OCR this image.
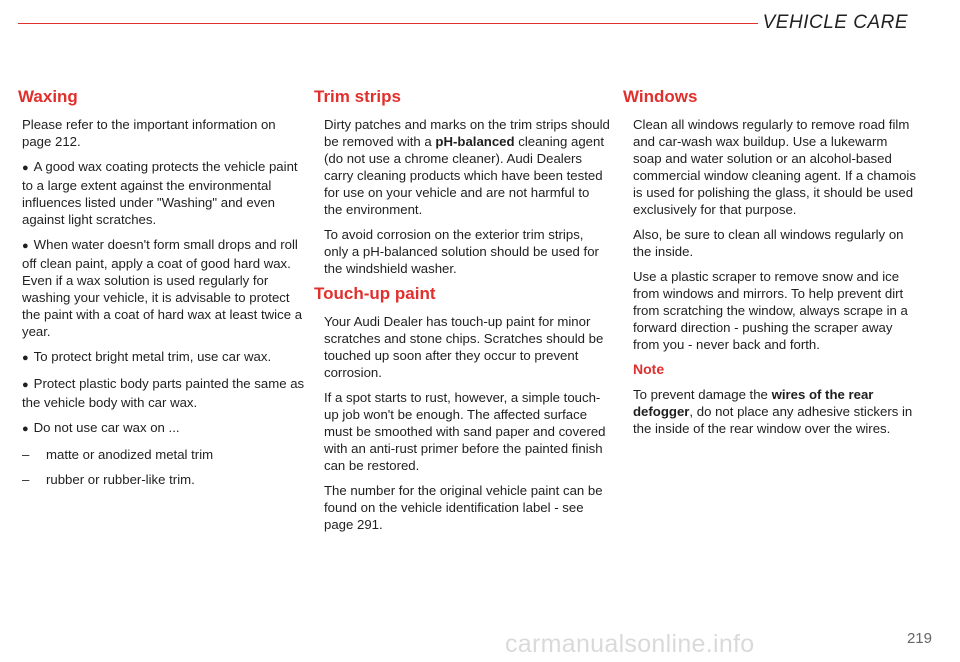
VEHICLE CARE
Waxing

Please refer to the important information on page 212.

● A good wax coating protects the vehicle paint to a large extent against the environmental influences listed under "Washing" and even against light scratches.

● When water doesn't form small drops and roll off clean paint, apply a coat of good hard wax. Even if a wax solution is used regularly for washing your vehicle, it is advisable to protect the paint with a coat of hard wax at least twice a year.

● To protect bright metal trim, use car wax.

● Protect plastic body parts painted the same as the vehicle body with car wax.

● Do not use car wax on ...

– matte or anodized metal trim

– rubber or rubber-like trim.

Trim strips

Dirty patches and marks on the trim strips should be removed with a pH-balanced cleaning agent (do not use a chrome cleaner). Audi Dealers carry cleaning products which have been tested for use on your vehicle and are not harmful to the environment.

To avoid corrosion on the exterior trim strips, only a pH-balanced solution should be used for the windshield washer.

Touch-up paint

Your Audi Dealer has touch-up paint for minor scratches and stone chips. Scratches should be touched up soon after they occur to prevent corrosion.

If a spot starts to rust, however, a simple touch-up job won't be enough. The affected surface must be smoothed with sand paper and covered with an anti-rust primer before the painted finish can be restored.

The number for the original vehicle paint can be found on the vehicle identification label - see page 291.

Windows

Clean all windows regularly to remove road film and car-wash wax buildup. Use a lukewarm soap and water solution or an alcohol-based commercial window cleaning agent. If a chamois is used for polishing the glass, it should be used exclusively for that purpose.

Also, be sure to clean all windows regularly on the inside.

Use a plastic scraper to remove snow and ice from windows and mirrors. To help prevent dirt from scratching the window, always scrape in a forward direction - pushing the scraper away from you - never back and forth.

Note

To prevent damage the wires of the rear defogger, do not place any adhesive stickers in the inside of the rear window over the wires.

carmanualsonline.info	219
